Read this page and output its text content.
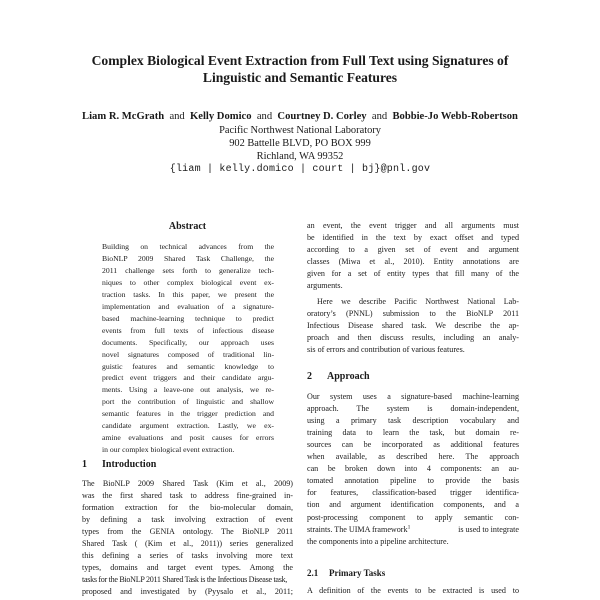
Complex Biological Event Extraction from Full Text using Signatures of
Linguistic and Semantic Features
Liam R. McGrath and Kelly Domico and Courtney D. Corley and Bobbie-Jo Webb-Robertson
Pacific Northwest National Laboratory
902 Battelle BLVD, PO BOX 999
Richland, WA 99352
{liam | kelly.domico | court | bj}@pnl.gov
Abstract
Building on technical advances from the
BioNLP 2009 Shared Task Challenge, the
2011 challenge sets forth to generalize tech-
niques to other complex biological event ex-
traction tasks. In this paper, we present the
implementation and evaluation of a signature-
based machine-learning technique to predict
events from full texts of infectious disease
documents. Specifically, our approach uses
novel signatures composed of traditional lin-
guistic features and semantic knowledge to
predict event triggers and their candidate argu-
ments. Using a leave-one out analysis, we re-
port the contribution of linguistic and shallow
semantic features in the trigger prediction and
candidate argument extraction. Lastly, we ex-
amine evaluations and posit causes for errors
in our complex biological event extraction.
1 Introduction
The BioNLP 2009 Shared Task (Kim et al., 2009)
was the first shared task to address fine-grained in-
formation extraction for the bio-molecular domain,
by defining a task involving extraction of event
types from the GENIA ontology. The BioNLP 2011
Shared Task ( (Kim et al., 2011)) series generalized
this defining a series of tasks involving more text
types, domains and target event types. Among the
tasks for the BioNLP 2011 Shared Task is the Infectious Disease task,
proposed and investigated by (Pyysalo et al., 2011;
an event, the event trigger and all arguments must
be identified in the text by exact offset and typed
according to a given set of event and argument
classes (Miwa et al., 2010). Entity annotations are
given for a set of entity types that fill many of the
arguments.
Here we describe Pacific Northwest National Lab-
oratory’s (PNNL) submission to the BioNLP 2011
Infectious Disease shared task. We describe the ap-
proach and then discuss results, including an analy-
sis of errors and contribution of various features.
2 Approach
Our system uses a signature-based machine-learning
approach. The system is domain-independent,
using a primary task description vocabulary and
training data to learn the task, but domain re-
sources can be incorporated as additional features
when available, as described here. The approach
can be broken down into 4 components: an au-
tomated annotation pipeline to provide the basis
for features, classification-based trigger identifica-
tion and argument identification components, and a
post-processing component to apply semantic con-
straints. The UIMA framework$^1$	is used to integrate
the components into a pipeline architecture.
2.1 Primary Tasks
A definition of the events to be extracted is used to
